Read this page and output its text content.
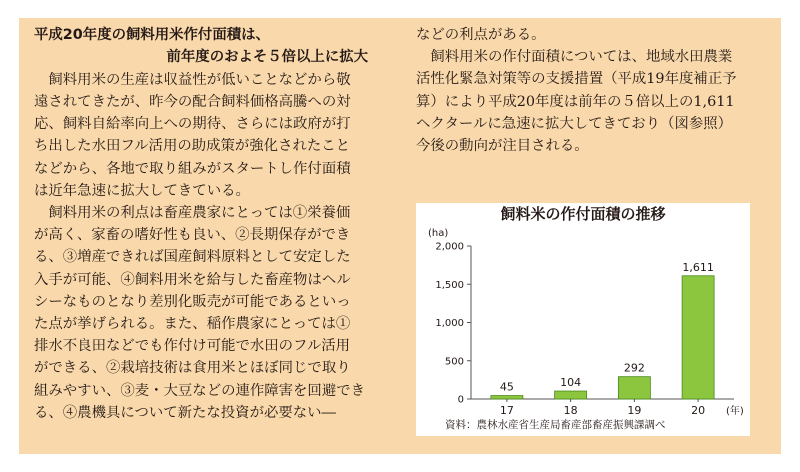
平成20年度の飼料用米作付面積は、
前年度のおよそ５倍以上に拡大
飼料用米の生産は収益性が低いことなどから敬
遠されてきたが、昨今の配合飼料価格高騰への対
応、飼料自給率向上への期待、さらには政府が打
ち出した水田フル活用の助成策が強化されたこと
などから、各地で取り組みがスタートし作付面積
は近年急速に拡大してきている。
飼料用米の利点は畜産農家にとっては①栄養価
が高く、家畜の嗜好性も良い、②長期保存ができ
る、③増産できれば国産飼料原料として安定した
入手が可能、④飼料用米を給与した畜産物はヘル
シーなものとなり差別化販売が可能であるといっ
た点が挙げられる。また、稲作農家にとっては①
排水不良田などでも作付け可能で水田のフル活用
ができる、②栽培技術は食用米とほぼ同じで取り
組みやすい、③麦・大豆などの連作障害を回避でき
る、④農機具について新たな投資が必要ない―
などの利点がある。
飼料用米の作付面積については、地域水田農業
活性化緊急対策等の支援措置（平成19年度補正予
算）により平成20年度は前年の５倍以上の1,611
ヘクタールに急速に拡大してきており（図参照）
今後の動向が注目される。
飼料米の作付面積の推移
(ha)
0
500
1,000
1,500
2,000
45
17
104
18
292
19
1,611
20 (年)
資料：農林水産省生産局畜産部畜産振興課調べ
